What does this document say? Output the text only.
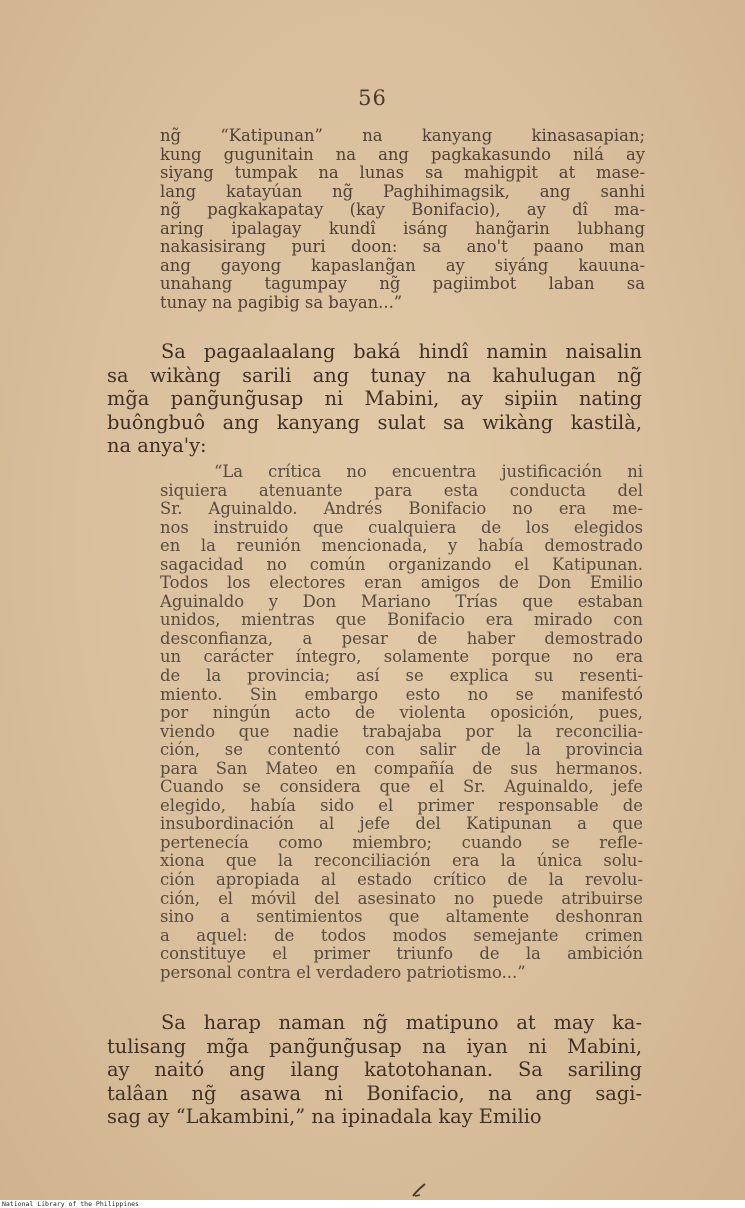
56
ng̃ “Katipunan” na kanyang kinasasapian;
kung gugunitain na ang pagkakasundo nilá ay
siyang tumpak na lunas sa mahigpit at mase-
lang katayúan ng̃ Paghihimagsik, ang sanhi
ng̃ pagkakapatay (kay Bonifacio), ay dî ma-
aring ipalagay kundî isáng hang̃arin lubhang
nakasisirang puri doon: sa ano't paano man
ang gayong kapaslang̃an ay siyáng kauuna-
unahang tagumpay ng̃ pagiimbot laban sa
tunay na pagibig sa bayan...”
Sa pagaalaalang baká hindî namin naisalin
sa wikàng sarili ang tunay na kahulugan ng̃
mg̃a pang̃ung̃usap ni Mabini, ay sipiin nating
buôngbuô ang kanyang sulat sa wikàng kastilà,
na anya'y:
“La crítica no encuentra justificación ni
siquiera atenuante para esta conducta del
Sr. Aguinaldo. Andrés Bonifacio no era me-
nos instruido que cualquiera de los elegidos
en la reunión mencionada, y había demostrado
sagacidad no común organizando el Katipunan.
Todos los electores eran amigos de Don Emilio
Aguinaldo y Don Mariano Trías que estaban
unidos, mientras que Bonifacio era mirado con
desconfianza, a pesar de haber demostrado
un carácter íntegro, solamente porque no era
de la provincia; así se explica su resenti-
miento. Sin embargo esto no se manifestó
por ningún acto de violenta oposición, pues,
viendo que nadie trabajaba por la reconcilia-
ción, se contentó con salir de la provincia
para San Mateo en compañía de sus hermanos.
Cuando se considera que el Sr. Aguinaldo, jefe
elegido, había sido el primer responsable de
insubordinación al jefe del Katipunan a que
pertenecía como miembro; cuando se refle-
xiona que la reconciliación era la única solu-
ción apropiada al estado crítico de la revolu-
ción, el móvil del asesinato no puede atribuirse
sino a sentimientos que altamente deshonran
a aquel: de todos modos semejante crimen
constituye el primer triunfo de la ambición
personal contra el verdadero patriotismo...”
Sa harap naman ng̃ matipuno at may ka-
tulisang mg̃a pang̃ung̃usap na iyan ni Mabini,
ay naitó ang ilang katotohanan. Sa sariling
talâan ng̃ asawa ni Bonifacio, na ang sagi-
sag ay “Lakambini,” na ipinadala kay Emilio
National Library of the Philippines
